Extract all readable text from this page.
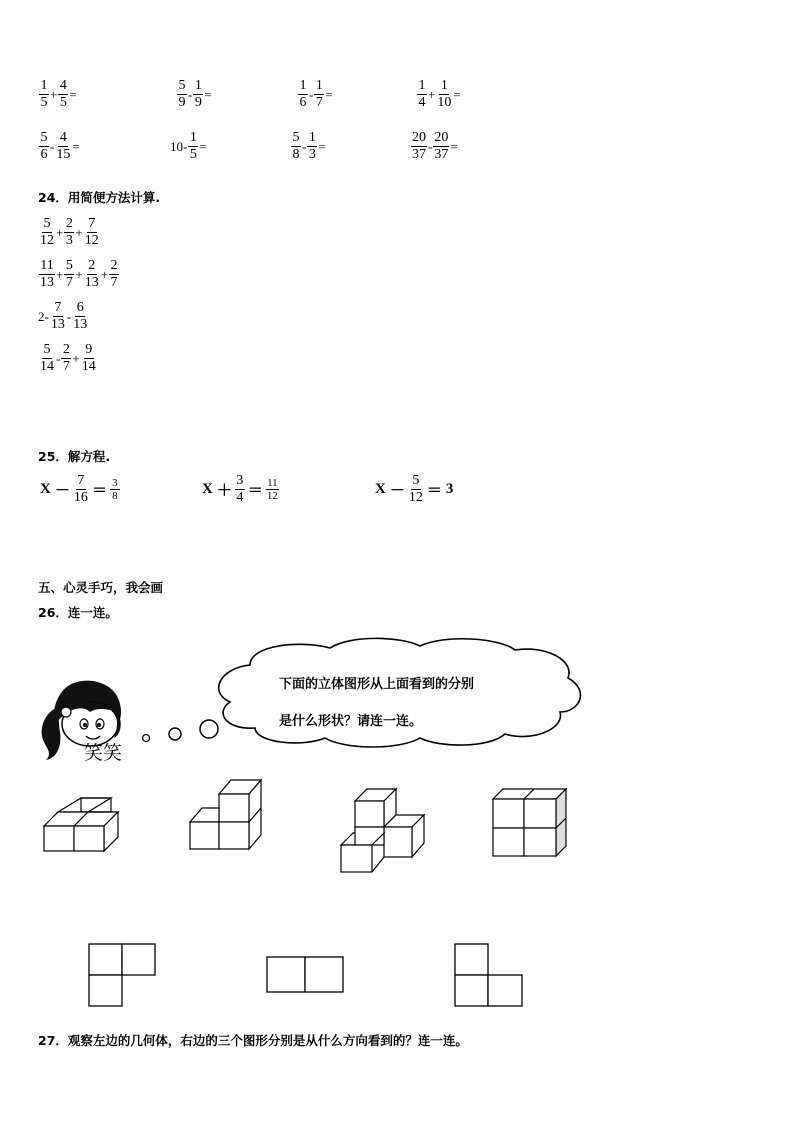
$\frac{1}{5} + \frac{4}{5}$ =	$\frac{5}{9} - \frac{1}{9}$ =	$\frac{1}{6} - \frac{1}{7}$ =	$\frac{1}{4} + \frac{1}{10}$ =
$\frac{5}{6} - \frac{4}{15}$ =	$10- \frac{1}{5}$ =	$\frac{5}{8} - \frac{1}{3}$ =	$\frac{20}{37} - \frac{20}{37}$ =
24．用简便方法计算.
$\frac{5}{12} + \frac{2}{3} + \frac{7}{12}$
$\frac{11}{13} + \frac{5}{7} + \frac{2}{13} + \frac{2}{7}$
$2- \frac{7}{13} - \frac{6}{13}$
$\frac{5}{14} - \frac{2}{7} + \frac{9}{14}$
25．解方程.
$X - \frac{7}{16} = \frac{3}{8}$	$X + \frac{3}{4} = \frac{11}{12}$	$X - \frac{5}{12} = 3$
五、心灵手巧，我会画
26．连一连。
下面的立体图形从上面看到的分别
是什么形状？请连一连。
笑笑
27．观察左边的几何体，右边的三个图形分别是从什么方向看到的？连一连。
